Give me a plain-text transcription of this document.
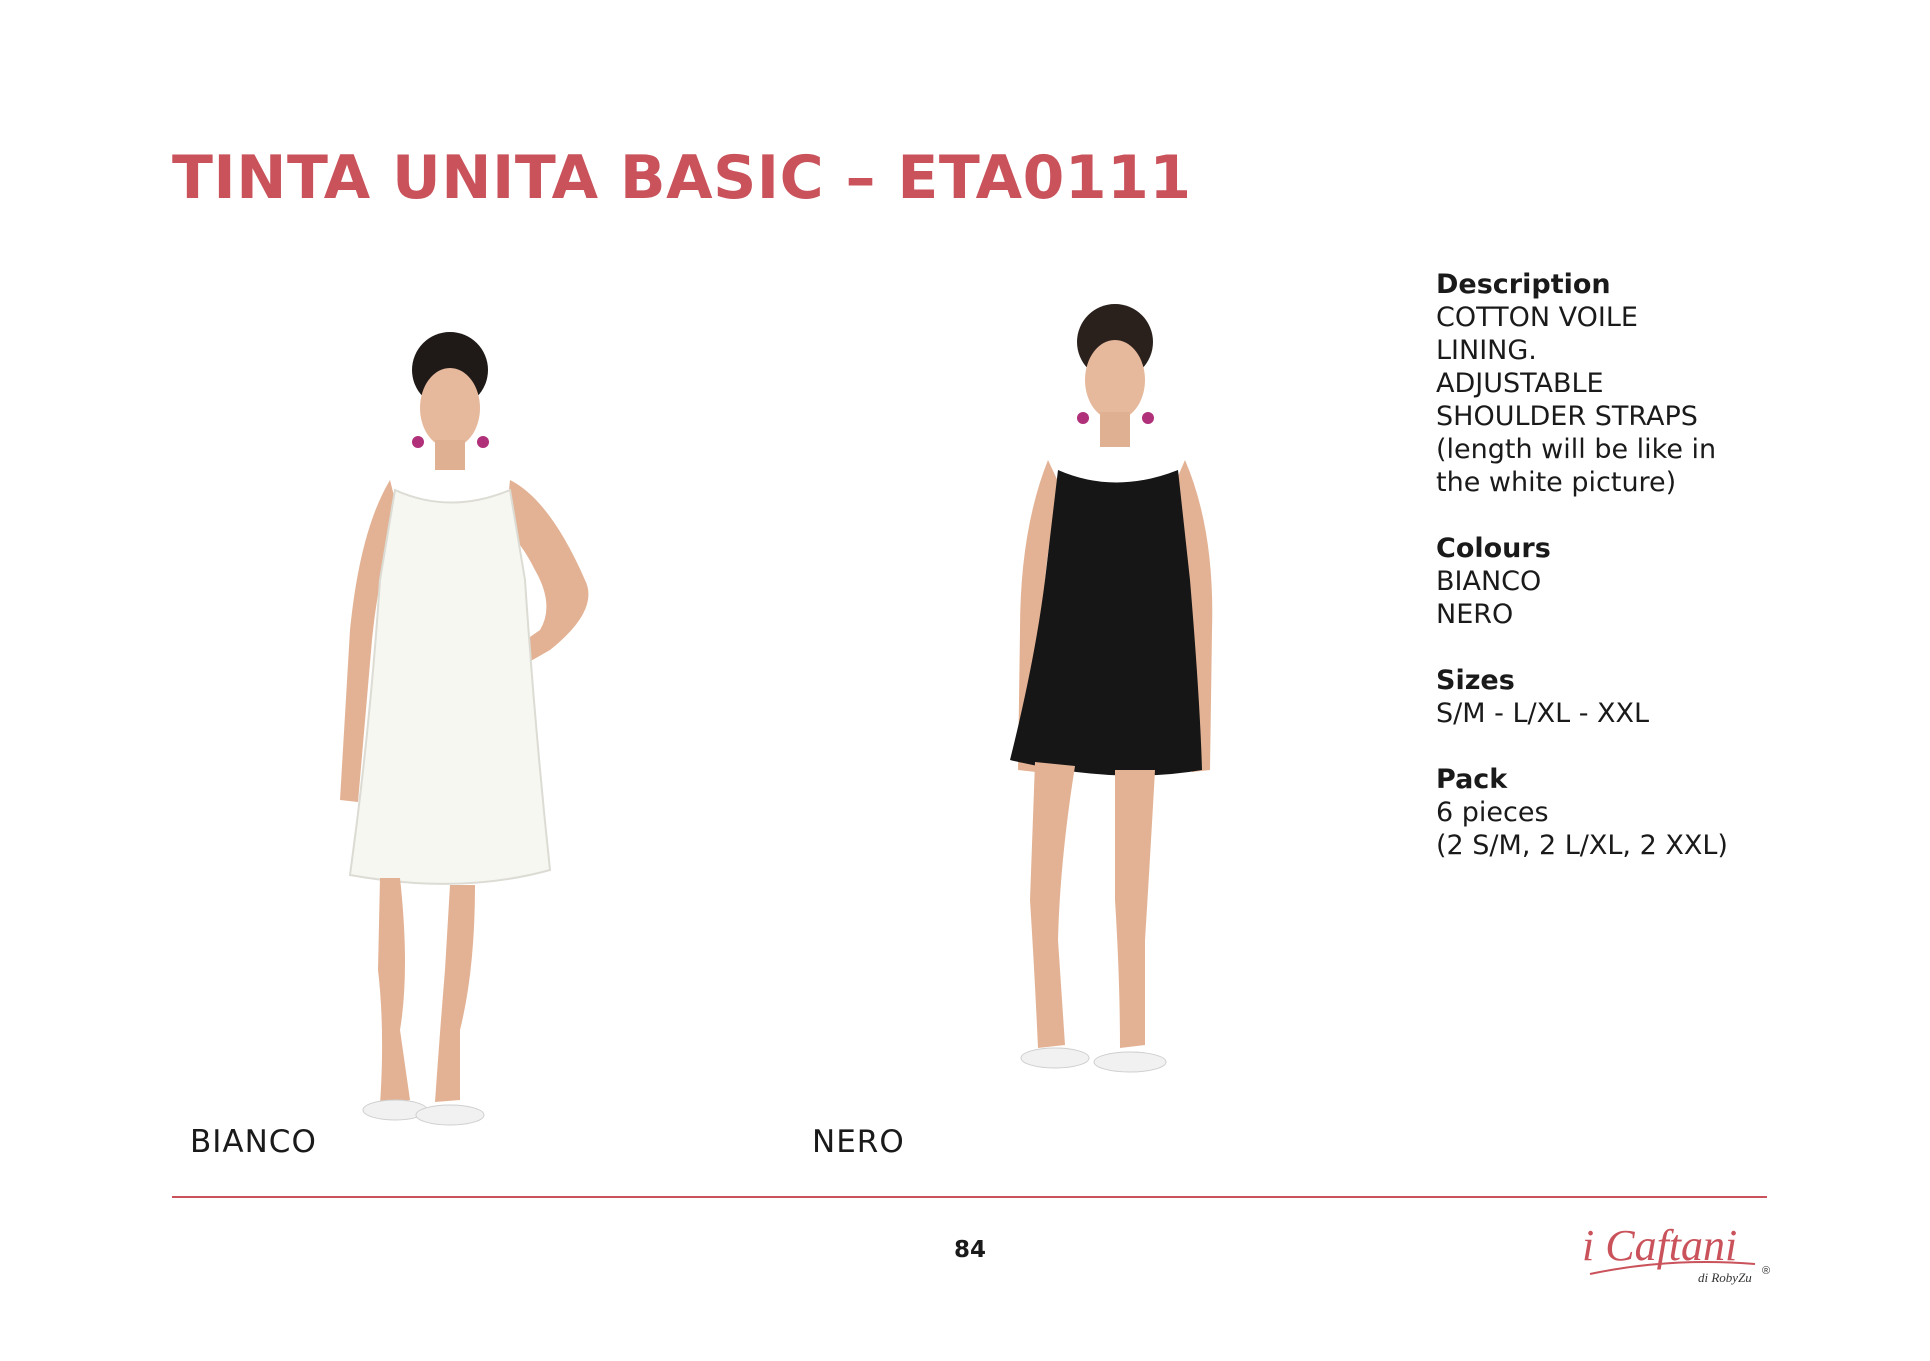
TINTA UNITA BASIC – ETA0111
BIANCO	NERO
Description
COTTON VOILE
LINING.
ADJUSTABLE
SHOULDER STRAPS
(length will be like in
the white picture)
Colours
BIANCO
NERO
Sizes
S/M - L/XL - XXL
Pack
6 pieces
(2 S/M, 2 L/XL, 2 XXL)
84	i Caftani
di RobyZu ®
